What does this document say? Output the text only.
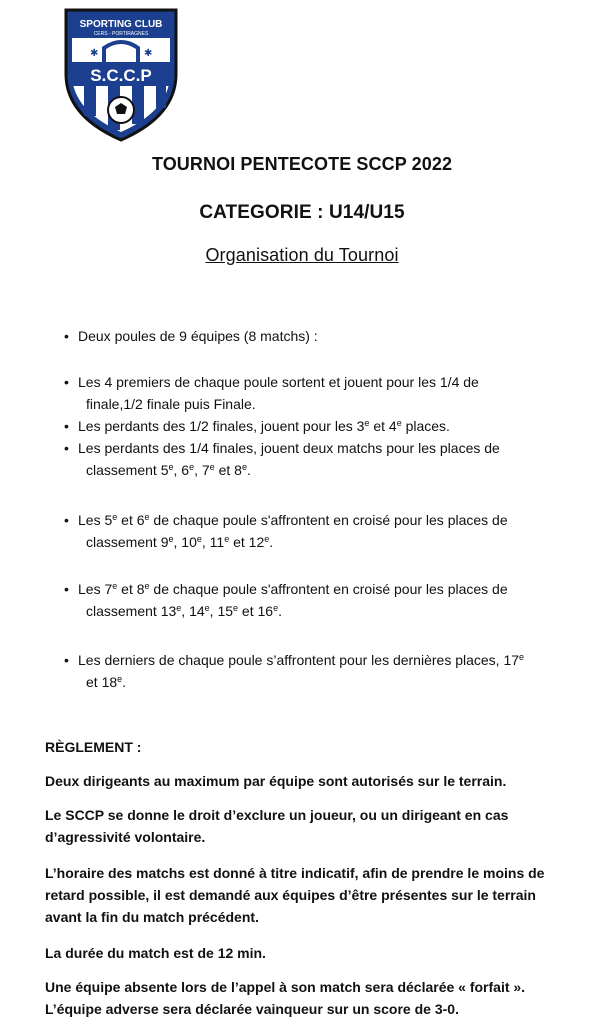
SPORTING CLUB
CERS - PORTIRAGNES
✱	✱
S.C.C.P
TOURNOI PENTECOTE SCCP 2022
CATEGORIE : U14/U15
Organisation du Tournoi
• Deux poules de 9 équipes (8 matchs) :
• Les 4 premiers de chaque poule sortent et jouent pour les 1/4 de
finale,1/2 finale puis Finale.
• Les perdants des 1/2 finales, jouent pour les 3e et 4e places.
• Les perdants des 1/4 finales, jouent deux matchs pour les places de
classement 5e, 6e, 7e et 8e.
• Les 5e et 6e de chaque poule s'affrontent en croisé pour les places de
classement 9e, 10e, 11e et 12e.
• Les 7e et 8e de chaque poule s'affrontent en croisé pour les places de
classement 13e, 14e, 15e et 16e.
• Les derniers de chaque poule s’affrontent pour les dernières places, 17e
et 18e.

RÈGLEMENT :

Deux dirigeants au maximum par équipe sont autorisés sur le terrain.

Le SCCP se donne le droit d’exclure un joueur, ou un dirigeant en cas

d’agressivité volontaire.

L’horaire des matchs est donné à titre indicatif, afin de prendre le moins de

retard possible, il est demandé aux équipes d’être présentes sur le terrain

avant la fin du match précédent.

La durée du match est de 12 min.

Une équipe absente lors de l’appel à son match sera déclarée « forfait ».

L’équipe adverse sera déclarée vainqueur sur un score de 3-0.
